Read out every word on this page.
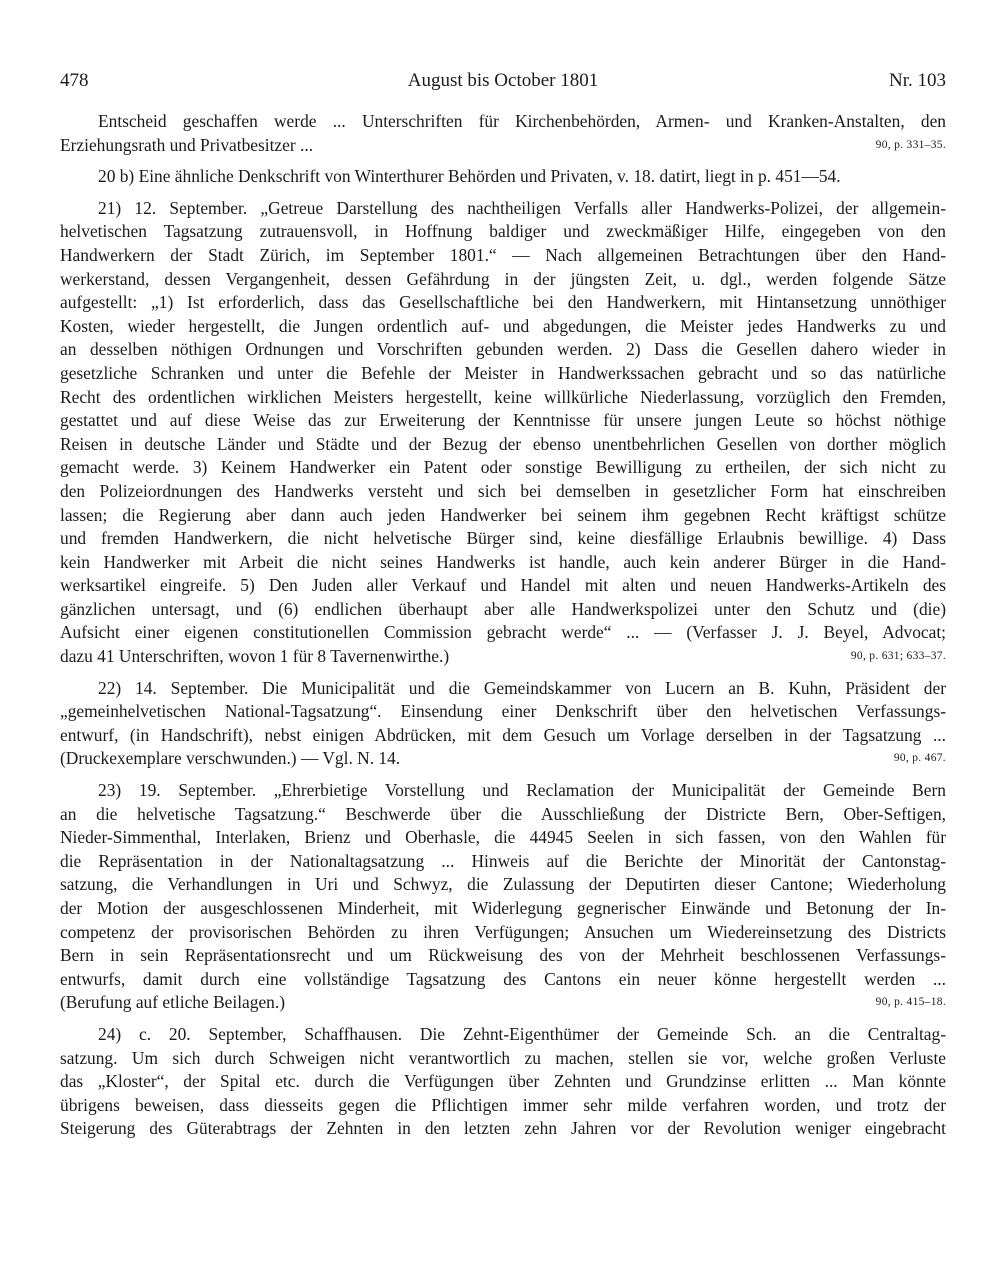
478	August bis October 1801	Nr. 103
Entscheid geschaffen werde ... Unterschriften für Kirchenbehörden, Armen- und Kranken-Anstalten, den
Erziehungsrath und Privatbesitzer ...	90, p. 331–35.
20 b) Eine ähnliche Denkschrift von Winterthurer Behörden und Privaten, v. 18. datirt, liegt in p. 451—54.
21) 12. September. „Getreue Darstellung des nachtheiligen Verfalls aller Handwerks-Polizei, der allgemein-
helvetischen Tagsatzung zutrauensvoll, in Hoffnung baldiger und zweckmäßiger Hilfe, eingegeben von den
Handwerkern der Stadt Zürich, im September 1801.“ — Nach allgemeinen Betrachtungen über den Hand-
werkerstand, dessen Vergangenheit, dessen Gefährdung in der jüngsten Zeit, u. dgl., werden folgende Sätze
aufgestellt: „1) Ist erforderlich, dass das Gesellschaftliche bei den Handwerkern, mit Hintansetzung unnöthiger
Kosten, wieder hergestellt, die Jungen ordentlich auf- und abgedungen, die Meister jedes Handwerks zu und
an desselben nöthigen Ordnungen und Vorschriften gebunden werden. 2) Dass die Gesellen dahero wieder in
gesetzliche Schranken und unter die Befehle der Meister in Handwerkssachen gebracht und so das natürliche
Recht des ordentlichen wirklichen Meisters hergestellt, keine willkürliche Niederlassung, vorzüglich den Fremden,
gestattet und auf diese Weise das zur Erweiterung der Kenntnisse für unsere jungen Leute so höchst nöthige
Reisen in deutsche Länder und Städte und der Bezug der ebenso unentbehrlichen Gesellen von dorther möglich
gemacht werde. 3) Keinem Handwerker ein Patent oder sonstige Bewilligung zu ertheilen, der sich nicht zu
den Polizeiordnungen des Handwerks versteht und sich bei demselben in gesetzlicher Form hat einschreiben
lassen; die Regierung aber dann auch jeden Handwerker bei seinem ihm gegebnen Recht kräftigst schütze
und fremden Handwerkern, die nicht helvetische Bürger sind, keine diesfällige Erlaubnis bewillige. 4) Dass
kein Handwerker mit Arbeit die nicht seines Handwerks ist handle, auch kein anderer Bürger in die Hand-
werksartikel eingreife. 5) Den Juden aller Verkauf und Handel mit alten und neuen Handwerks-Artikeln des
gänzlichen untersagt, und (6) endlichen überhaupt aber alle Handwerkspolizei unter den Schutz und (die)
Aufsicht einer eigenen constitutionellen Commission gebracht werde“ ... — (Verfasser J. J. Beyel, Advocat;
dazu 41 Unterschriften, wovon 1 für 8 Tavernenwirthe.)	90, p. 631; 633–37.
22) 14. September. Die Municipalität und die Gemeindskammer von Lucern an B. Kuhn, Präsident der
„gemeinhelvetischen National-Tagsatzung“. Einsendung einer Denkschrift über den helvetischen Verfassungs-
entwurf, (in Handschrift), nebst einigen Abdrücken, mit dem Gesuch um Vorlage derselben in der Tagsatzung ...
(Druckexemplare verschwunden.) — Vgl. N. 14.	90, p. 467.
23) 19. September. „Ehrerbietige Vorstellung und Reclamation der Municipalität der Gemeinde Bern
an die helvetische Tagsatzung.“ Beschwerde über die Ausschließung der Districte Bern, Ober-Seftigen,
Nieder-Simmenthal, Interlaken, Brienz und Oberhasle, die 44945 Seelen in sich fassen, von den Wahlen für
die Repräsentation in der Nationaltagsatzung ... Hinweis auf die Berichte der Minorität der Cantonstag-
satzung, die Verhandlungen in Uri und Schwyz, die Zulassung der Deputirten dieser Cantone; Wiederholung
der Motion der ausgeschlossenen Minderheit, mit Widerlegung gegnerischer Einwände und Betonung der In-
competenz der provisorischen Behörden zu ihren Verfügungen; Ansuchen um Wiedereinsetzung des Districts
Bern in sein Repräsentationsrecht und um Rückweisung des von der Mehrheit beschlossenen Verfassungs-
entwurfs, damit durch eine vollständige Tagsatzung des Cantons ein neuer könne hergestellt werden ...
(Berufung auf etliche Beilagen.)	90, p. 415–18.
24) c. 20. September, Schaffhausen. Die Zehnt-Eigenthümer der Gemeinde Sch. an die Centraltag-
satzung. Um sich durch Schweigen nicht verantwortlich zu machen, stellen sie vor, welche großen Verluste
das „Kloster“, der Spital etc. durch die Verfügungen über Zehnten und Grundzinse erlitten ... Man könnte
übrigens beweisen, dass diesseits gegen die Pflichtigen immer sehr milde verfahren worden, und trotz der
Steigerung des Güterabtrags der Zehnten in den letzten zehn Jahren vor der Revolution weniger eingebracht
